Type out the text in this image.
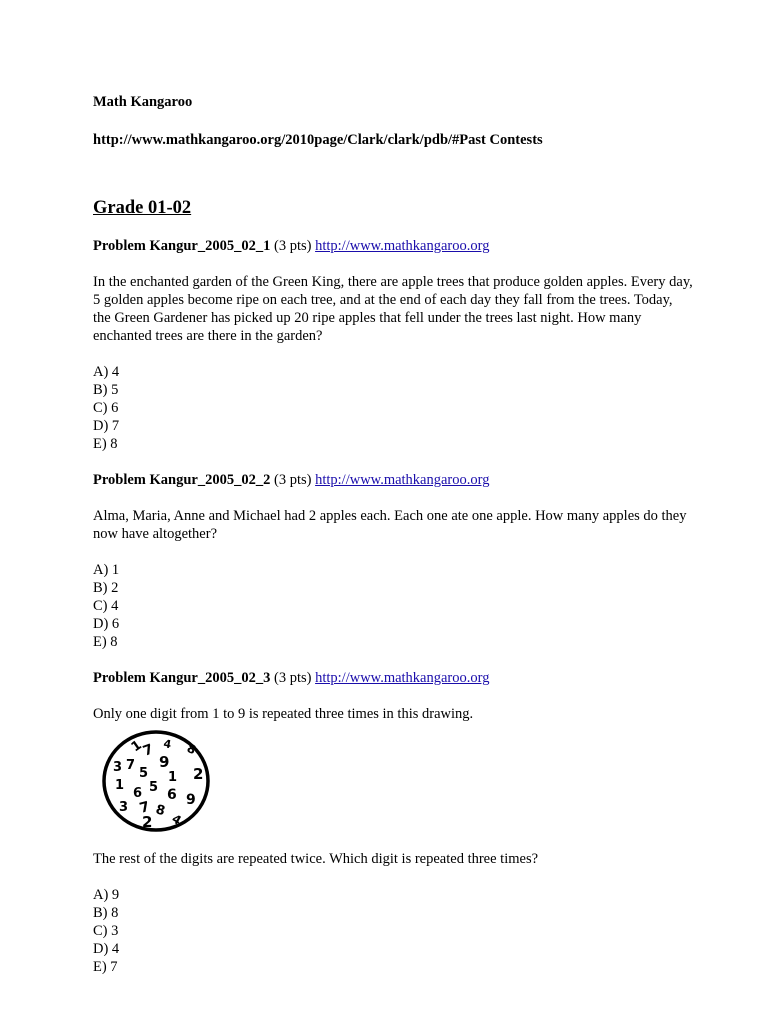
Math Kangaroo
http://www.mathkangaroo.org/2010page/Clark/clark/pdb/#Past Contests
Grade 01-02
Problem Kangur_2005_02_1 (3 pts) http://www.mathkangaroo.org
In the enchanted garden of the Green King, there are apple trees that produce golden apples. Every day, 5 golden apples become ripe on each tree, and at the end of each day they fall from the trees. Today, the Green Gardener has picked up 20 ripe apples that fell under the trees last night. How many enchanted trees are there in the garden?
A) 4
B) 5
C) 6
D) 7
E) 8
Problem Kangur_2005_02_2 (3 pts) http://www.mathkangaroo.org
Alma, Maria, Anne and Michael had 2 apples each. Each one ate one apple. How many apples do they now have altogether?
A) 1
B) 2
C) 4
D) 6
E) 8
Problem Kangur_2005_02_3 (3 pts) http://www.mathkangaroo.org
Only one digit from 1 to 9 is repeated three times in this drawing.
1
7 4 8
3 7 9
5 1 2
1
6 5 6 9
3 7 8
2 4
The rest of the digits are repeated twice. Which digit is repeated three times?
A) 9
B) 8
C) 3
D) 4
E) 7
